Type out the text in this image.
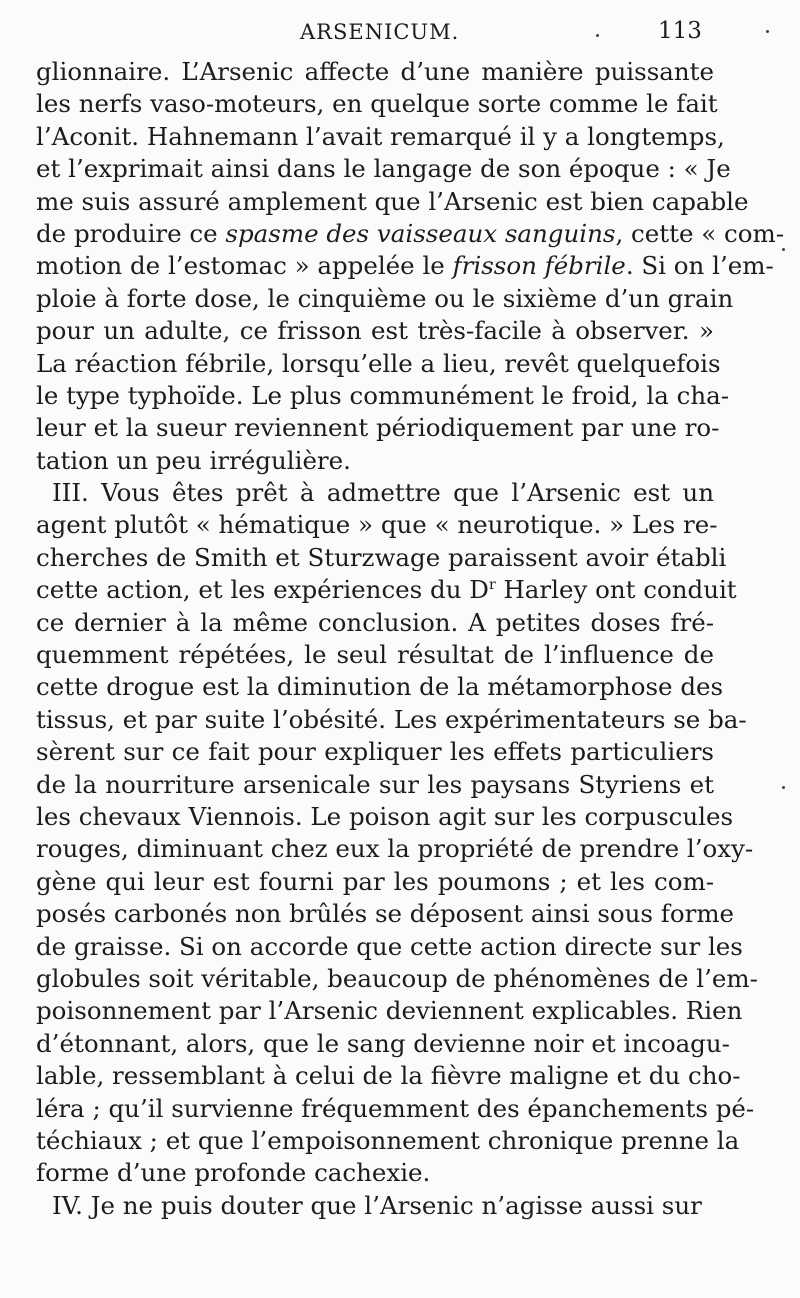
ARSENICUM.	113
glionnaire. L’Arsenic affecte d’une manière puissante
les nerfs vaso-moteurs, en quelque sorte comme le fait
l’Aconit. Hahnemann l’avait remarqué il y a longtemps,
et l’exprimait ainsi dans le langage de son époque : « Je
me suis assuré amplement que l’Arsenic est bien capable
de produire ce spasme des vaisseaux sanguins, cette « com-
motion de l’estomac » appelée le frisson fébrile. Si on l’em-
ploie à forte dose, le cinquième ou le sixième d’un grain
pour un adulte, ce frisson est très-facile à observer. »
La réaction fébrile, lorsqu’elle a lieu, revêt quelquefois
le type typhoïde. Le plus communément le froid, la cha-
leur et la sueur reviennent périodiquement par une ro-
tation un peu irrégulière.
III. Vous êtes prêt à admettre que l’Arsenic est un
agent plutôt « hématique » que « neurotique. » Les re-
cherches de Smith et Sturzwage paraissent avoir établi
cette action, et les expériences du $D^r$ Harley ont conduit
ce dernier à la même conclusion. A petites doses fré-
quemment répétées, le seul résultat de l’influence de
cette drogue est la diminution de la métamorphose des
tissus, et par suite l’obésité. Les expérimentateurs se ba-
sèrent sur ce fait pour expliquer les effets particuliers
de la nourriture arsenicale sur les paysans Styriens et
les chevaux Viennois. Le poison agit sur les corpuscules
rouges, diminuant chez eux la propriété de prendre l’oxy-
gène qui leur est fourni par les poumons ; et les com-
posés carbonés non brûlés se déposent ainsi sous forme
de graisse. Si on accorde que cette action directe sur les
globules soit véritable, beaucoup de phénomènes de l’em-
poisonnement par l’Arsenic deviennent explicables. Rien
d’étonnant, alors, que le sang devienne noir et incoagu-
lable, ressemblant à celui de la fièvre maligne et du cho-
léra ; qu’il survienne fréquemment des épanchements pé-
téchiaux ; et que l’empoisonnement chronique prenne la
forme d’une profonde cachexie.
IV. Je ne puis douter que l’Arsenic n’agisse aussi sur
